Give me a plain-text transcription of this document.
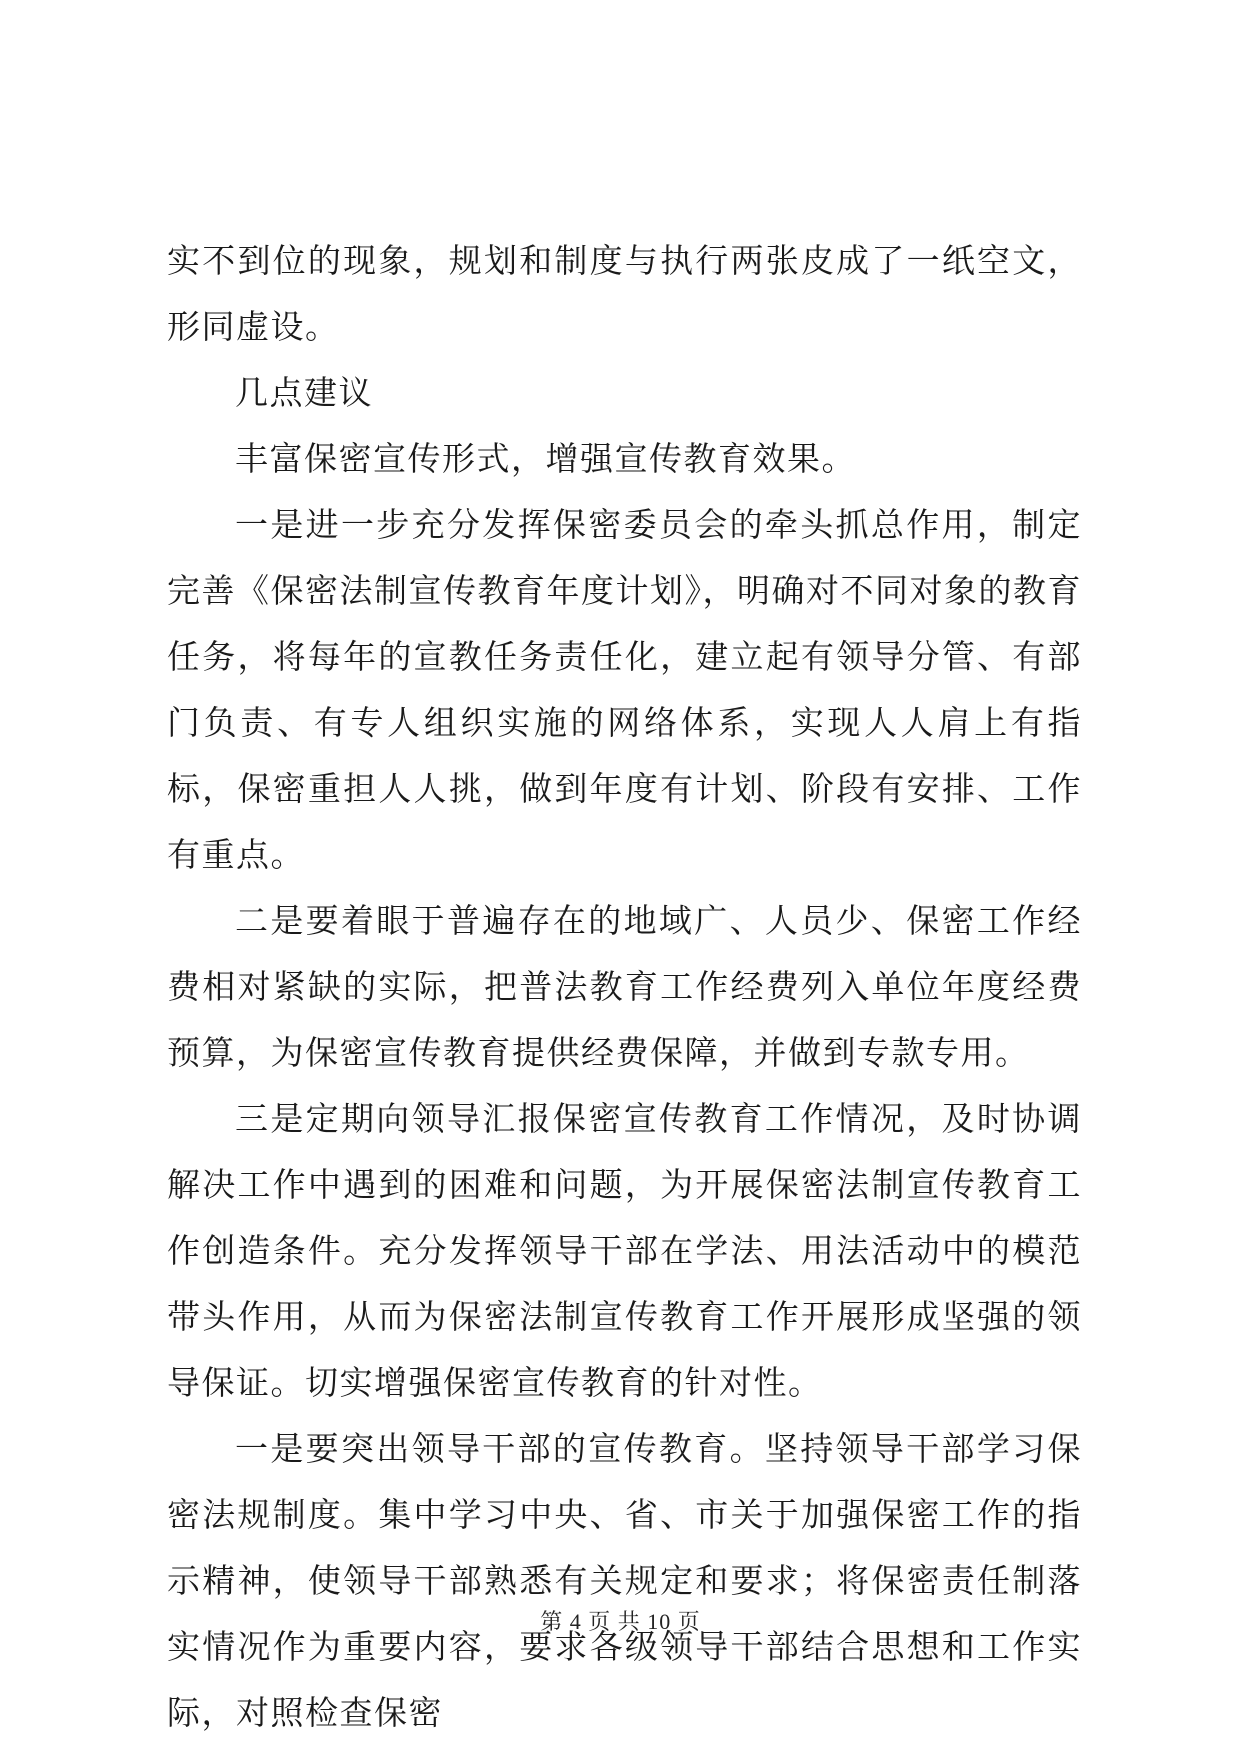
实不到位的现象，规划和制度与执行两张皮成了一纸空文，形同虚设。

几点建议

丰富保密宣传形式，增强宣传教育效果。

一是进一步充分发挥保密委员会的牵头抓总作用，制定完善《保密法制宣传教育年度计划》，明确对不同对象的教育任务，将每年的宣教任务责任化，建立起有领导分管、有部门负责、有专人组织实施的网络体系，实现人人肩上有指标，保密重担人人挑，做到年度有计划、阶段有安排、工作有重点。

二是要着眼于普遍存在的地域广、人员少、保密工作经费相对紧缺的实际，把普法教育工作经费列入单位年度经费预算，为保密宣传教育提供经费保障，并做到专款专用。

三是定期向领导汇报保密宣传教育工作情况，及时协调解决工作中遇到的困难和问题，为开展保密法制宣传教育工作创造条件。充分发挥领导干部在学法、用法活动中的模范带头作用，从而为保密法制宣传教育工作开展形成坚强的领导保证。切实增强保密宣传教育的针对性。

一是要突出领导干部的宣传教育。坚持领导干部学习保密法规制度。集中学习中央、省、市关于加强保密工作的指示精神，使领导干部熟悉有关规定和要求；将保密责任制落实情况作为重要内容，要求各级领导干部结合思想和工作实际，对照检查保密

第 4 页 共 10 页
